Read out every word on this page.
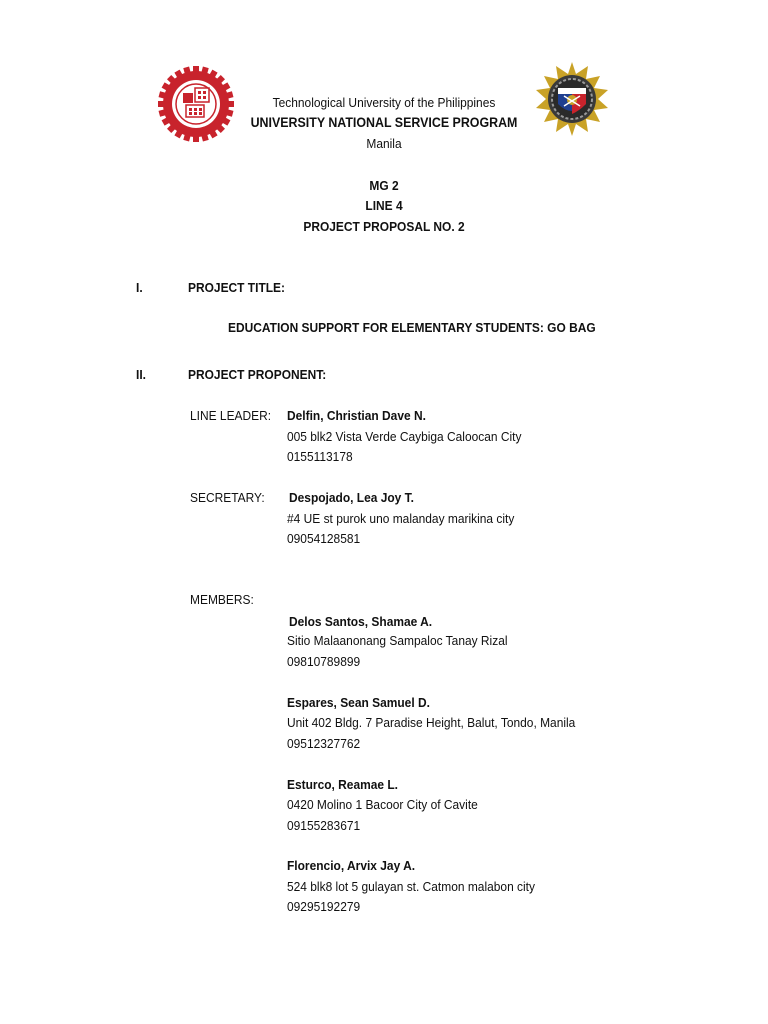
Technological University of the Philippines
UNIVERSITY NATIONAL SERVICE PROGRAM
Manila
MG 2
LINE 4
PROJECT PROPOSAL NO. 2
I.	PROJECT TITLE:
EDUCATION SUPPORT FOR ELEMENTARY STUDENTS: GO BAG
II.	PROJECT PROPONENT:
LINE LEADER: Delfin, Christian Dave N.
005 blk2 Vista Verde Caybiga Caloocan City
0155113178
SECRETARY: Despojado, Lea Joy T.
#4 UE st purok uno malanday marikina city
09054128581
MEMBERS:
Delos Santos, Shamae A.
Sitio Malaanonang Sampaloc Tanay Rizal
09810789899
Espares, Sean Samuel D.
Unit 402 Bldg. 7 Paradise Height, Balut, Tondo, Manila
09512327762
Esturco, Reamae L.
0420 Molino 1 Bacoor City of Cavite
09155283671
Florencio, Arvix Jay A.
524 blk8 lot 5 gulayan st. Catmon malabon city
09295192279
